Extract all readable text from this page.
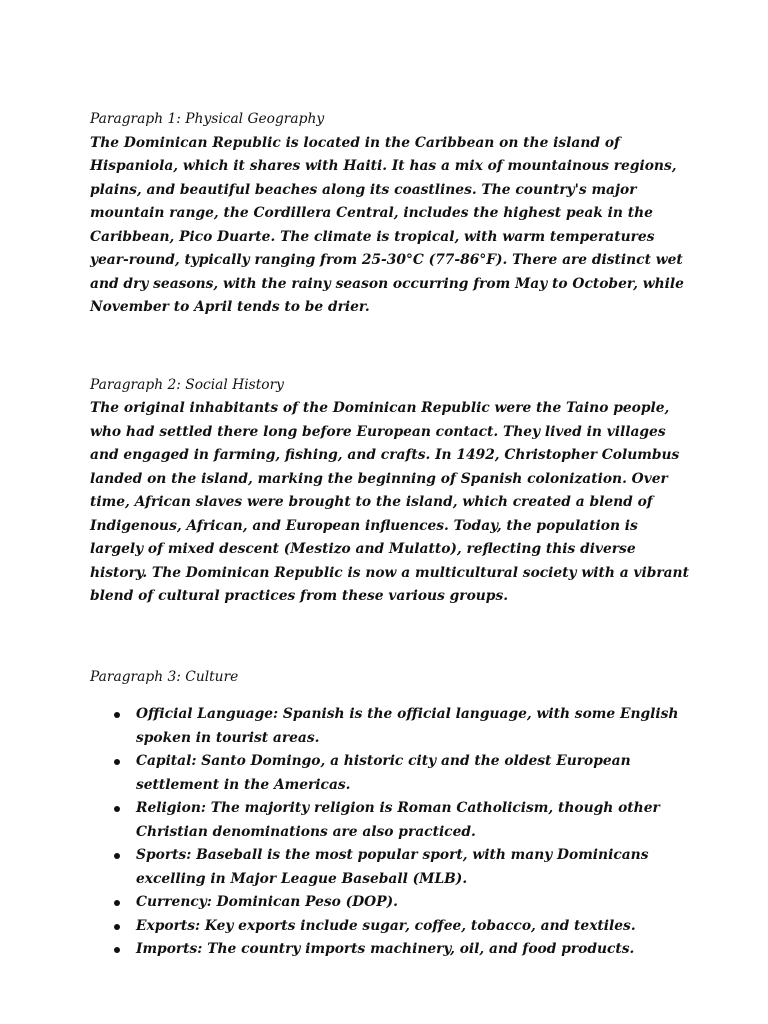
Paragraph 1: Physical Geography

The Dominican Republic is located in the Caribbean on the island of Hispaniola, which it shares with Haiti. It has a mix of mountainous regions, plains, and beautiful beaches along its coastlines. The country's major mountain range, the Cordillera Central, includes the highest peak in the Caribbean, Pico Duarte. The climate is tropical, with warm temperatures year-round, typically ranging from 25-30°C (77-86°F). There are distinct wet and dry seasons, with the rainy season occurring from May to October, while November to April tends to be drier.

Paragraph 2: Social History

The original inhabitants of the Dominican Republic were the Taino people, who had settled there long before European contact. They lived in villages and engaged in farming, fishing, and crafts. In 1492, Christopher Columbus landed on the island, marking the beginning of Spanish colonization. Over time, African slaves were brought to the island, which created a blend of Indigenous, African, and European influences. Today, the population is largely of mixed descent (Mestizo and Mulatto), reflecting this diverse history. The Dominican Republic is now a multicultural society with a vibrant blend of cultural practices from these various groups.

Paragraph 3: Culture
Official Language: Spanish is the official language, with some English spoken in tourist areas.
Capital: Santo Domingo, a historic city and the oldest European settlement in the Americas.
Religion: The majority religion is Roman Catholicism, though other Christian denominations are also practiced.
Sports: Baseball is the most popular sport, with many Dominicans excelling in Major League Baseball (MLB).
Currency: Dominican Peso (DOP).
Exports: Key exports include sugar, coffee, tobacco, and textiles.
Imports: The country imports machinery, oil, and food products.
